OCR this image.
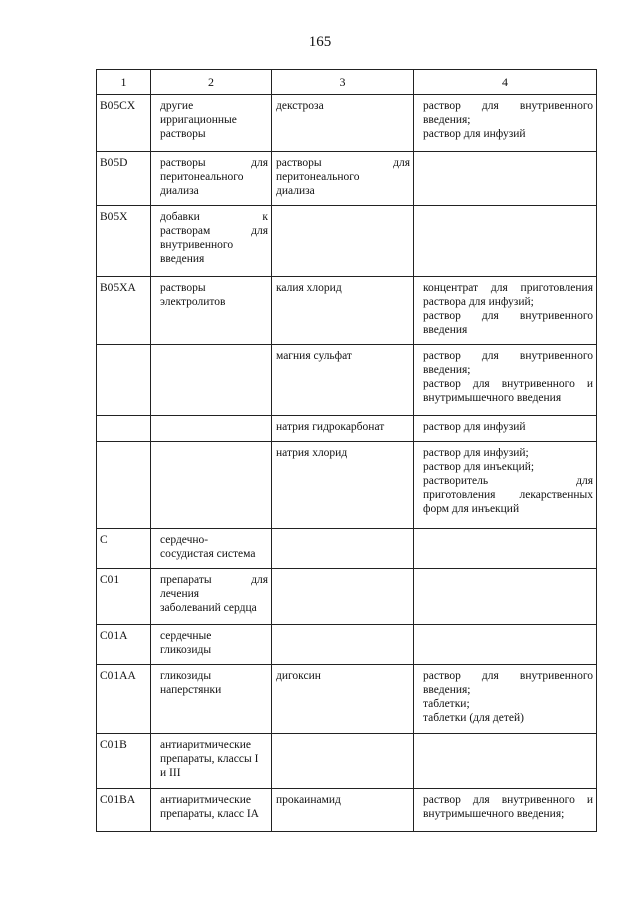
165
1	2	3	4

B05CX	другие
ирригационные
растворы	декстроза	раствор для внутривенного
введения;
раствор для инфузий

B05D	растворы для
перитонеального
диализа	растворы для
перитонеального
диализа	

B05X	добавки к
растворам для
внутривенного
введения		

B05XA	растворы
электролитов	калия хлорид	концентрат для приготовления
раствора для инфузий;
раствор для внутривенного
введения

		магния сульфат	раствор для внутривенного
введения;
раствор для внутривенного и
внутримышечного введения

		натрия гидрокарбонат	раствор для инфузий

		натрия хлорид	раствор для инфузий;
раствор для инъекций;
растворитель для
приготовления лекарственных
форм для инъекций

C	сердечно-
сосудистая система		

C01	препараты для
лечения
заболеваний сердца		

C01A	сердечные
гликозиды		

C01AA	гликозиды
наперстянки	дигоксин	раствор для внутривенного
введения;
таблетки;
таблетки (для детей)

C01B	антиаритмические
препараты, классы I
и III		

C01BA	антиаритмические
препараты, класс IA	прокаинамид	раствор для внутривенного и
внутримышечного введения;
